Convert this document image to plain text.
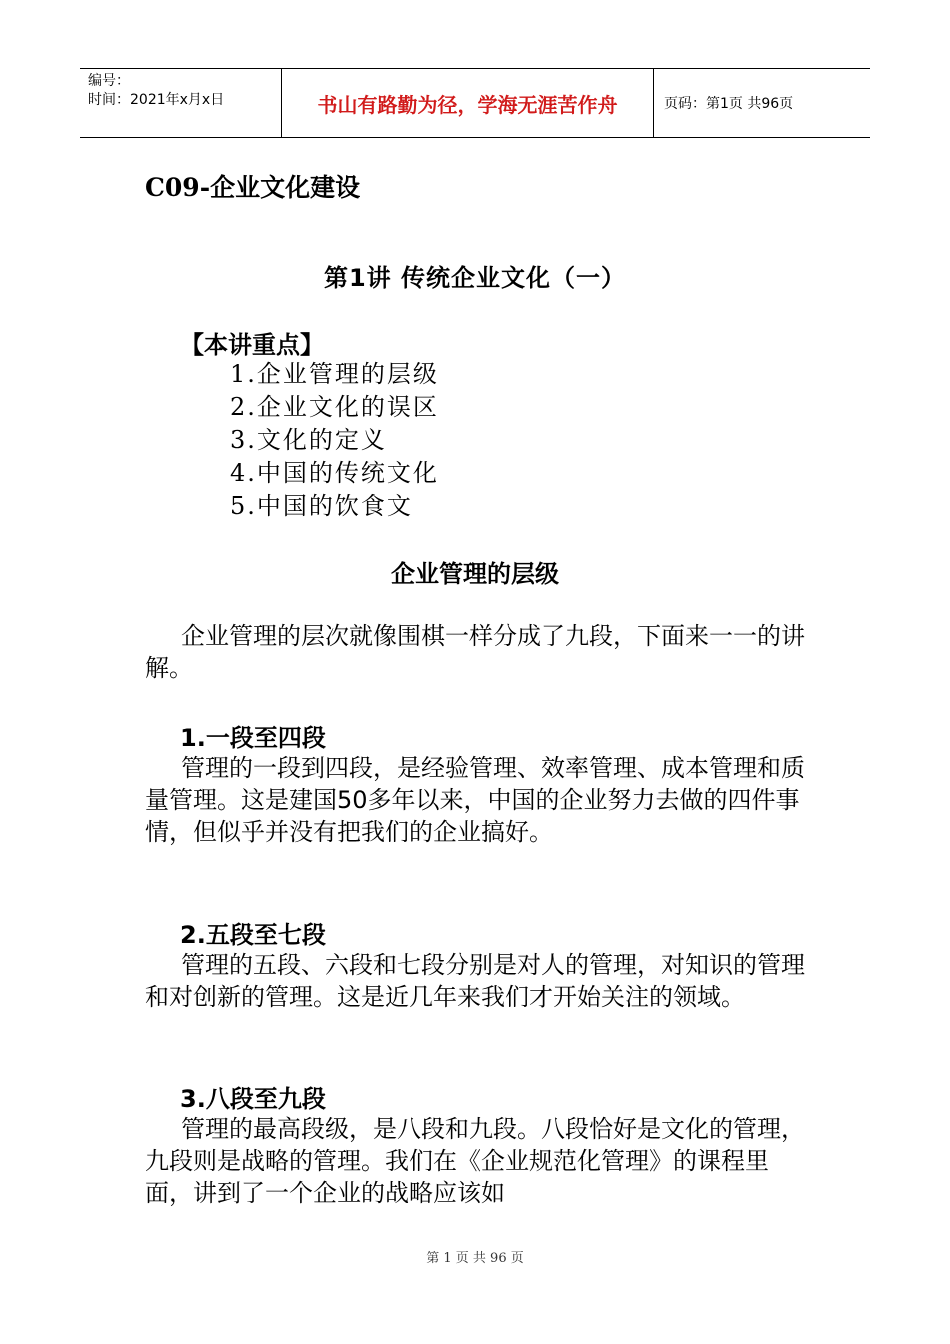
编号：
时间：2021年x月x日	书山有路勤为径，学海无涯苦作舟	页码：第1页 共96页
C09-企业文化建设
第1讲 传统企业文化（一）
【本讲重点】
1.企业管理的层级
2.企业文化的误区
3.文化的定义
4.中国的传统文化
5.中国的饮食文
企业管理的层级

企业管理的层次就像围棋一样分成了九段，下面来一一的讲解。

1.一段至四段

管理的一段到四段，是经验管理、效率管理、成本管理和质量管理。这是建国50多年以来，中国的企业努力去做的四件事情，但似乎并没有把我们的企业搞好。

2.五段至七段

管理的五段、六段和七段分别是对人的管理，对知识的管理和对创新的管理。这是近几年来我们才开始关注的领域。

3.八段至九段

管理的最高段级，是八段和九段。八段恰好是文化的管理，九段则是战略的管理。我们在《企业规范化管理》的课程里面，讲到了一个企业的战略应该如

第 1 页 共 96 页
